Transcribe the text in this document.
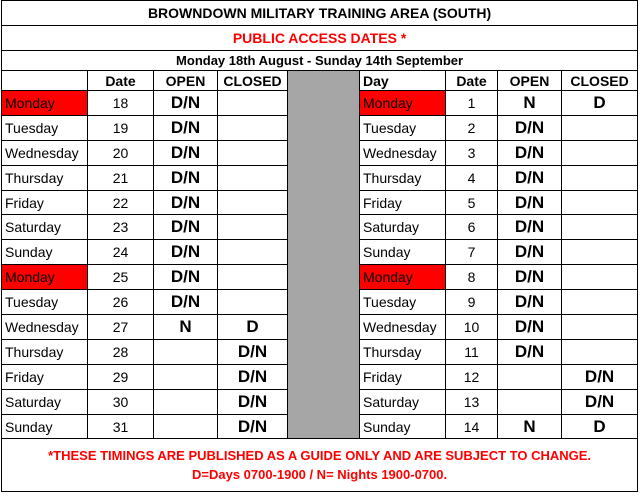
BROWNDOWN MILITARY TRAINING AREA (SOUTH)								
PUBLIC ACCESS DATES *								
Monday 18th August - Sunday 14th September								
	Date	OPEN	CLOSED		Day	Date	OPEN	CLOSED
Monday	18	D/N			Monday	1	N	D
Tuesday	19	D/N			Tuesday	2	D/N	
Wednesday	20	D/N			Wednesday	3	D/N	
Thursday	21	D/N			Thursday	4	D/N	
Friday	22	D/N			Friday	5	D/N	
Saturday	23	D/N			Saturday	6	D/N	
Sunday	24	D/N			Sunday	7	D/N	
Monday	25	D/N			Monday	8	D/N	
Tuesday	26	D/N			Tuesday	9	D/N	
Wednesday	27	N	D		Wednesday	10	D/N	
Thursday	28		D/N		Thursday	11	D/N	
Friday	29		D/N		Friday	12		D/N
Saturday	30		D/N		Saturday	13		D/N
Sunday	31		D/N		Sunday	14	N	D

*THESE TIMINGS ARE PUBLISHED AS A GUIDE ONLY AND ARE SUBJECT TO CHANGE.
D=Days 0700-1900 / N= Nights 1900-0700.								
